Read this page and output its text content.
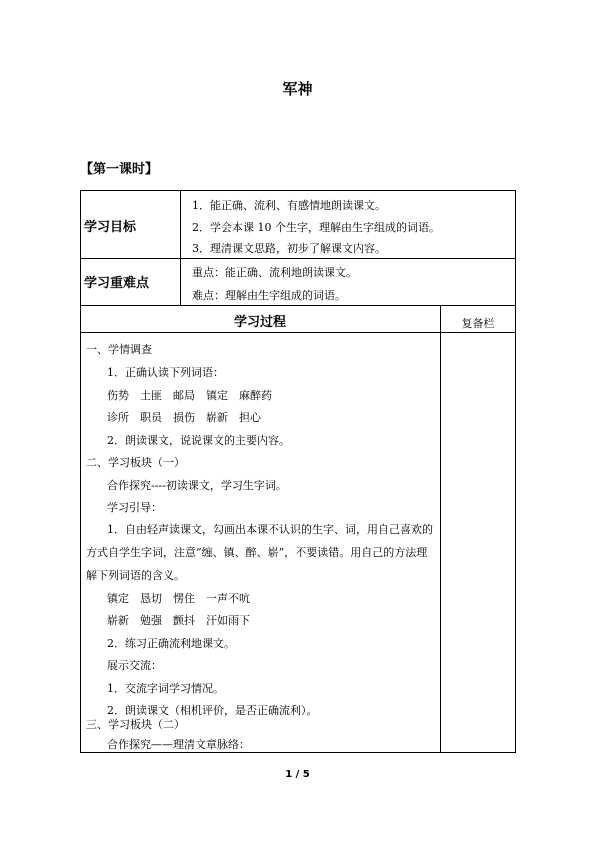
军神
【第一课时】
学习目标
1．能正确、流利、有感情地朗读课文。
2．学会本课 10 个生字，理解由生字组成的词语。
3．理清课文思路，初步了解课文内容。
学习重难点
重点：能正确、流利地朗读课文。
难点：理解由生字组成的词语。
学习过程	复备栏
一、学情调查
1．正确认读下列词语：
伤势　土匪　邮局　镇定　麻醉药
诊所　职员　损伤　崭新　担心
2．朗读课文，说说课文的主要内容。
二、学习板块（一）
合作探究----初读课文，学习生字词。
学习引导：
1．自由轻声读课文，勾画出本课不认识的生字、词，用自己喜欢的方式自学生字词，注意“缠、镇、醉、崭”，不要读错。用自己的方法理解下列词语的含义。
镇定　恳切　愣住　一声不吭
崭新　勉强　颤抖　汗如雨下
2．练习正确流利地课文。
展示交流：
1．交流字词学习情况。
2．朗读课文（相机评价，是否正确流利）。
三、学习板块（二）
合作探究——理清文章脉络：
1 / 5
